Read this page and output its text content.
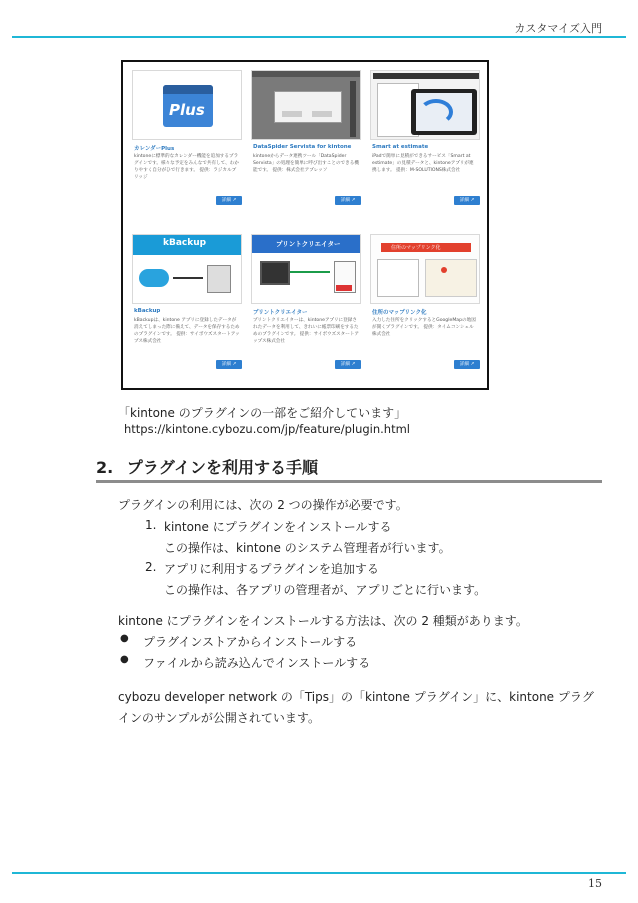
カスタマイズ入門
Plus
カレンダーPlus
kintoneに標準的なカレンダー機能を追加するプラグインです。様々な予定をみんなで共有して、わかりやすく自分がひで行きます。 提供：ラジカルブリッジ
詳細 ↗
DataSpider Servista for kintone
kintoneからデータ連携ツール「DataSpider Servista」の処理を簡単に呼び出すことのできる機能です。 提供：株式会社アプレッソ
詳細 ↗
Smart at estimate
iPadで簡単に見積ができるサービス「Smart at estimate」の見積データと、kintoneアプリが連携します。 提供：M-SOLUTIONS株式会社
詳細 ↗
kBackup
kBackup
kBackupは、kintone アプリに登録したデータが消えてしまった際に備えて、データを保存するためのプラグインです。 提供：サイボウズスタートアップス株式会社
詳細 ↗
プリントクリエイター
プリントクリエイター
プリントクリエイターは、kintoneアプリに登録されたデータを利用して、きれいに帳票印刷をするためのプラグインです。 提供：サイボウズスタートアップス株式会社
詳細 ↗
住所のマップリンク化
住所のマップリンク化
入力した住所をクリックするとGoogleMapの地図が開くプラグインです。 提供：タイムコンシェル株式会社
詳細 ↗
「kintone のプラグインの一部をご紹介しています」
https://kintone.cybozu.com/jp/feature/plugin.html
2. プラグインを利用する手順
プラグインの利用には、次の 2 つの操作が必要です。
1. kintone にプラグインをインストールする
この操作は、kintone のシステム管理者が行います。
2. アプリに利用するプラグインを追加する
この操作は、各アプリの管理者が、アプリごとに行います。
kintone にプラグインをインストールする方法は、次の 2 種類があります。
● プラグインストアからインストールする
● ファイルから読み込んでインストールする
cybozu developer network の「Tips」の「kintone プラグイン」に、kintone プラグ
インのサンプルが公開されています。
15
